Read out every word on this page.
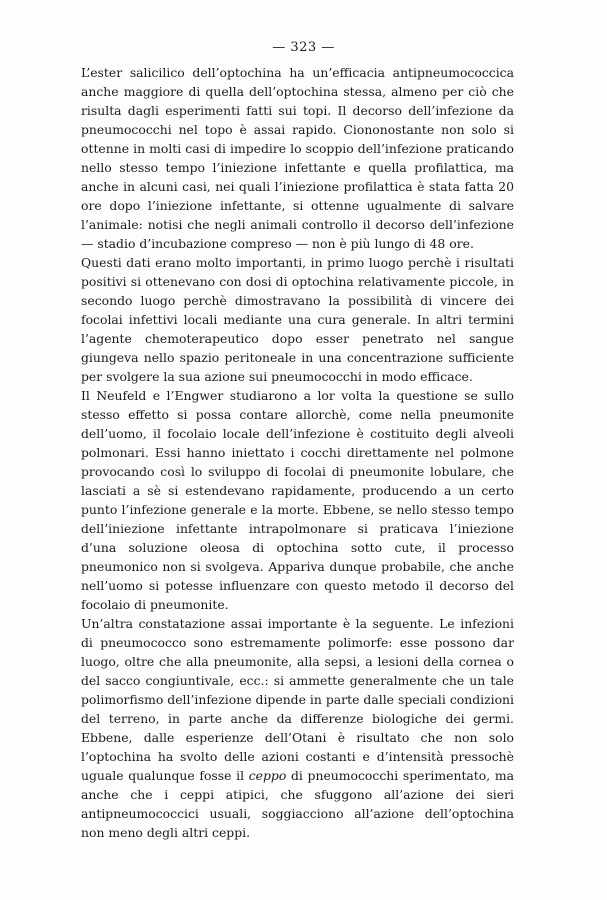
— 323 —

L’ester salicilico dell’optochina ha un’efficacia antipneumococcica anche maggiore di quella dell’optochina stessa, almeno per ciò che risulta dagli esperimenti fatti sui topi. Il decorso dell’infezione da pneumococchi nel topo è assai rapido. Ciononostante non solo si ottenne in molti casi di impedire lo scoppio dell’infezione praticando nello stesso tempo l’iniezione infettante e quella profilattica, ma anche in alcuni casi, nei quali l’iniezione profilattica è stata fatta 20 ore dopo l’iniezione infettante, si ottenne ugualmente di salvare l’animale: notisi che negli animali controllo il decorso dell’infezione — stadio d’incubazione compreso — non è più lungo di 48 ore.

Questi dati erano molto importanti, in primo luogo perchè i risultati positivi si ottenevano con dosi di optochina relativamente piccole, in secondo luogo perchè dimostravano la possibilità di vincere dei focolai infettivi locali mediante una cura generale. In altri termini l’agente chemoterapeutico dopo esser penetrato nel sangue giungeva nello spazio peritoneale in una concentrazione sufficiente per svolgere la sua azione sui pneumococchi in modo efficace.

Il Neufeld e l’Engwer studiarono a lor volta la questione se sullo stesso effetto si possa contare allorchè, come nella pneumonite dell’uomo, il focolaio locale dell’infezione è costituito degli alveoli polmonari. Essi hanno iniettato i cocchi direttamente nel polmone provocando così lo sviluppo di focolai di pneumonite lobulare, che lasciati a sè si estendevano rapidamente, producendo a un certo punto l’infezione generale e la morte. Ebbene, se nello stesso tempo dell’iniezione infettante intrapolmonare si praticava l’iniezione d’una soluzione oleosa di optochina sotto cute, il processo pneumonico non si svolgeva. Appariva dunque probabile, che anche nell’uomo si potesse influenzare con questo metodo il decorso del focolaio di pneumonite.

Un’altra constatazione assai importante è la seguente. Le infezioni di pneumococco sono estremamente polimorfe: esse possono dar luogo, oltre che alla pneumonite, alla sepsi, a lesioni della cornea o del sacco congiuntivale, ecc.: si ammette generalmente che un tale polimorfismo dell’infezione dipende in parte dalle speciali condizioni del terreno, in parte anche da differenze biologiche dei germi. Ebbene, dalle esperienze dell’Otani è risultato che non solo l’optochina ha svolto delle azioni costanti e d’intensità pressochè uguale qualunque fosse il ceppo di pneumococchi sperimentato, ma anche che i ceppi atipici, che sfuggono all’azione dei sieri antipneumococcici usuali, soggiacciono all’azione dell’optochina non meno degli altri ceppi.
